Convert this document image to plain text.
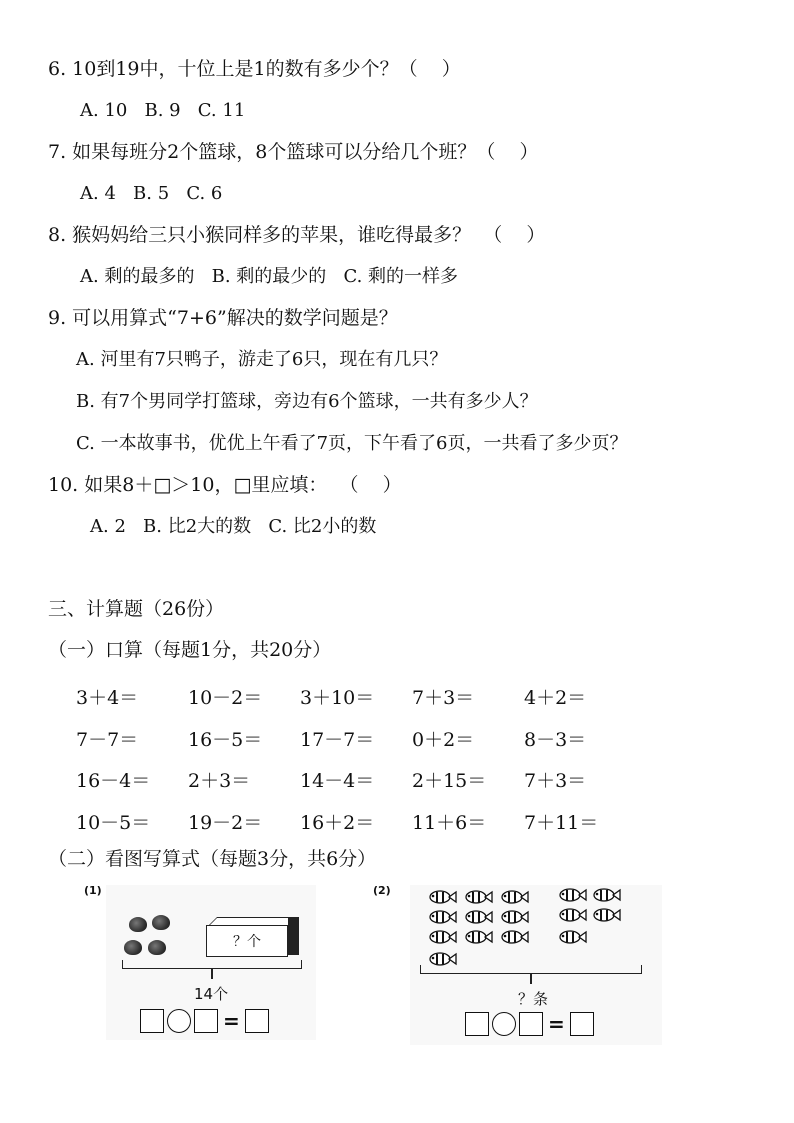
6. 10到19中，十位上是1的数有多少个？（    ）
A. 10   B. 9   C. 11
7. 如果每班分2个篮球，8个篮球可以分给几个班？（    ）
A. 4   B. 5   C. 6
8. 猴妈妈给三只小猴同样多的苹果，谁吃得最多？  （    ）
A. 剩的最多的   B. 剩的最少的   C. 剩的一样多
9. 可以用算式“7+6”解决的数学问题是？
A. 河里有7只鸭子，游走了6只，现在有几只？
B. 有7个男同学打篮球，旁边有6个篮球，一共有多少人？
C. 一本故事书，优优上午看了7页，下午看了6页，一共看了多少页？
10. 如果8＋□＞10，□里应填：  （    ）
A. 2   B. 比2大的数   C. 比2小的数
三、计算题（26份）
（一）口算（每题1分，共20分）
3＋4＝	10－2＝ 3＋10＝ 7＋3＝	4＋2＝
7－7＝	16－5＝ 17－7＝ 0＋2＝	8－3＝
16－4＝ 2＋3＝	14－4＝ 2＋15＝ 7＋3＝
10－5＝ 19－2＝ 16＋2＝ 11＋6＝ 7＋11＝
（二）看图写算式（每题3分，共6分）
(1)
？个
14个
=
(2)
？条
=
